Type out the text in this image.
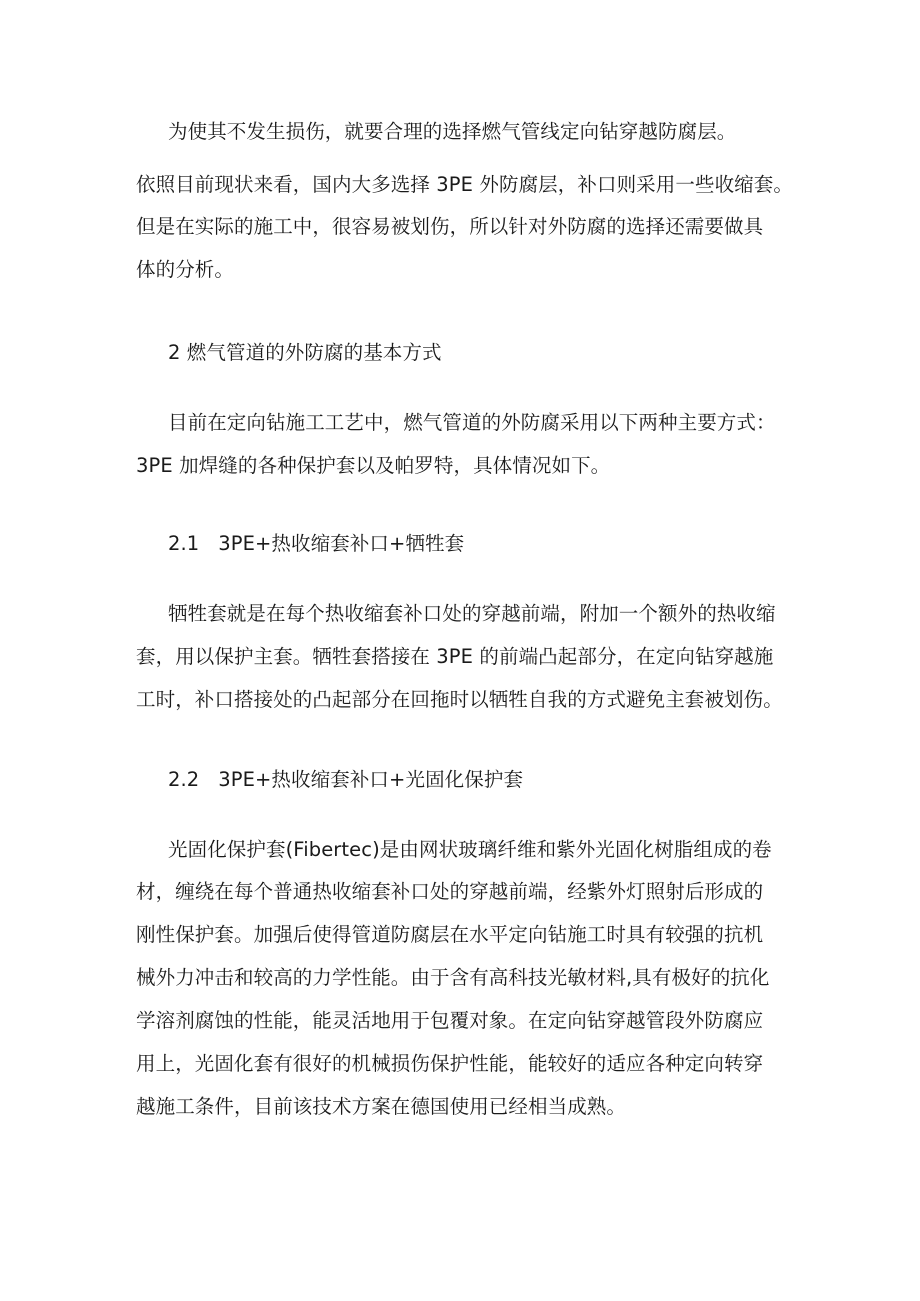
为使其不发生损伤，就要合理的选择燃气管线定向钻穿越防腐层。
依照目前现状来看，国内大多选择 3PE 外防腐层，补口则采用一些收缩套。
但是在实际的施工中，很容易被划伤，所以针对外防腐的选择还需要做具
体的分析。
2 燃气管道的外防腐的基本方式
目前在定向钻施工工艺中，燃气管道的外防腐采用以下两种主要方式：
3PE 加焊缝的各种保护套以及帕罗特，具体情况如下。
2.1   3PE+热收缩套补口+牺牲套
牺牲套就是在每个热收缩套补口处的穿越前端，附加一个额外的热收缩
套，用以保护主套。牺牲套搭接在 3PE 的前端凸起部分，在定向钻穿越施
工时，补口搭接处的凸起部分在回拖时以牺牲自我的方式避免主套被划伤。
2.2   3PE+热收缩套补口+光固化保护套
光固化保护套(Fibertec)是由网状玻璃纤维和紫外光固化树脂组成的卷
材，缠绕在每个普通热收缩套补口处的穿越前端，经紫外灯照射后形成的
刚性保护套。加强后使得管道防腐层在水平定向钻施工时具有较强的抗机
械外力冲击和较高的力学性能。由于含有高科技光敏材料,具有极好的抗化
学溶剂腐蚀的性能，能灵活地用于包覆对象。在定向钻穿越管段外防腐应
用上，光固化套有很好的机械损伤保护性能，能较好的适应各种定向转穿
越施工条件，目前该技术方案在德国使用已经相当成熟。
